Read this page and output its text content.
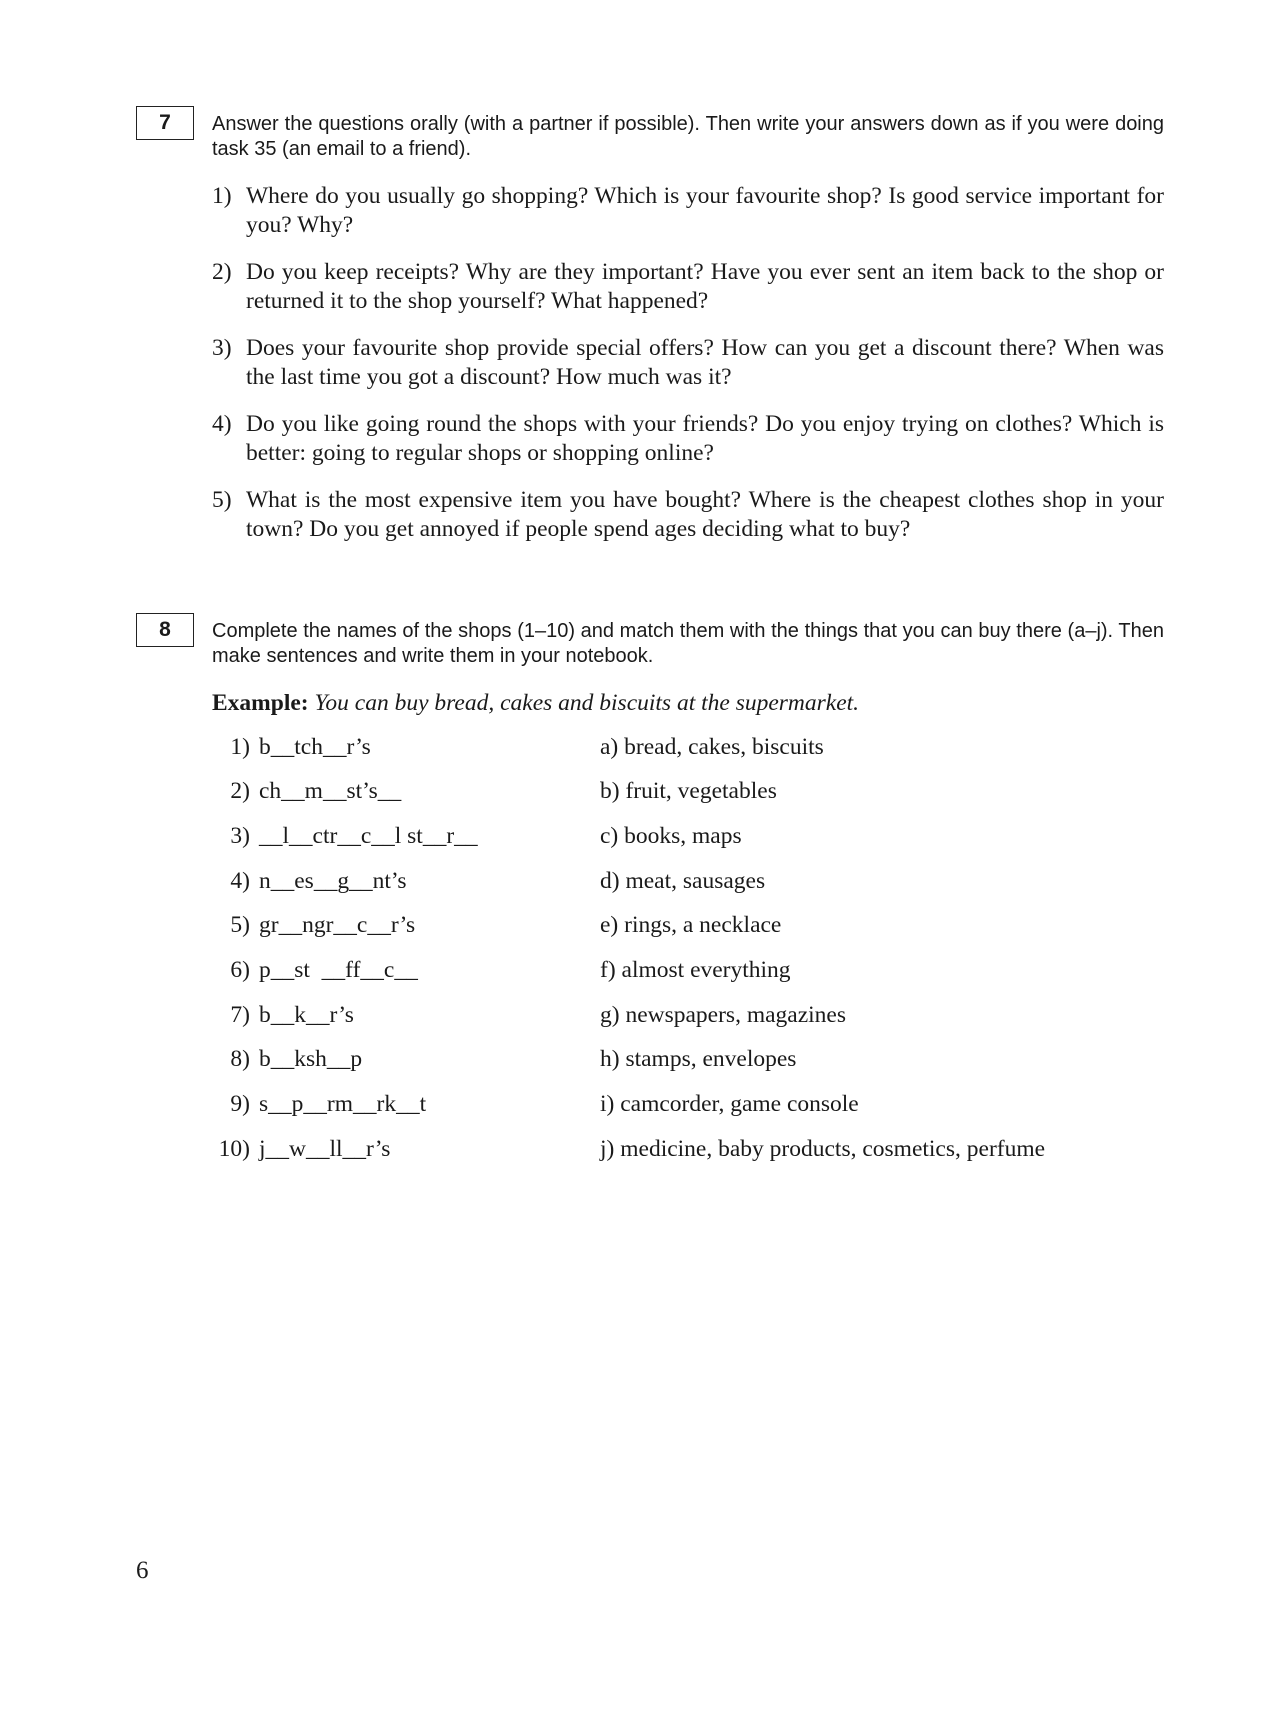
7	Answer the questions orally (with a partner if possible). Then write your answers down as if you were doing task 35 (an email to a friend).
1) Where do you usually go shopping? Which is your favourite shop? Is good service important for you? Why?
2) Do you keep receipts? Why are they important? Have you ever sent an item back to the shop or returned it to the shop yourself? What happened?
3) Does your favourite shop provide special offers? How can you get a discount there? When was the last time you got a discount? How much was it?
4) Do you like going round the shops with your friends? Do you enjoy trying on clothes? Which is better: going to regular shops or shopping online?
5) What is the most expensive item you have bought? Where is the cheapest clothes shop in your town? Do you get annoyed if people spend ages deciding what to buy?
8	Complete the names of the shops (1–10) and match them with the things that you can buy there (a–j). Then make sentences and write them in your notebook.
Example: You can buy bread, cakes and biscuits at the supermarket.
1) b__tch__r’s	a) bread, cakes, biscuits
2) ch__m__st’s__	b) fruit, vegetables
3) __l__ctr__c__l st__r__	c) books, maps
4) n__es__g__nt’s	d) meat, sausages
5) gr__ngr__c__r’s	e) rings, a necklace
6) p__st  __ff__c__	f) almost everything
7) b__k__r’s	g) newspapers, magazines
8) b__ksh__p	h) stamps, envelopes
9) s__p__rm__rk__t	i) camcorder, game console
10) j__w__ll__r’s	j) medicine, baby products, cosmetics, perfume
6
